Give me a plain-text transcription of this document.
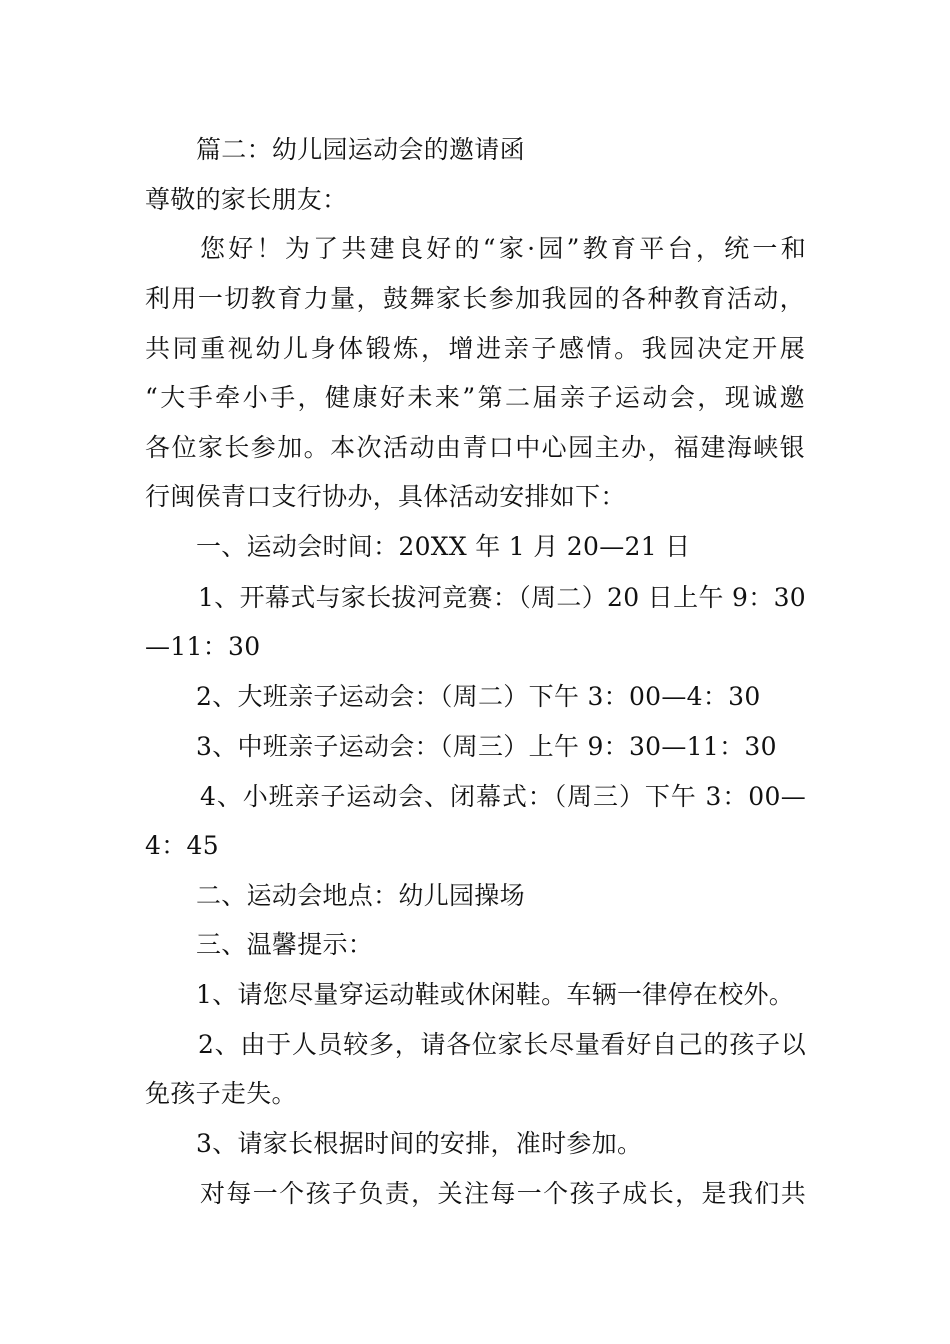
篇二：幼儿园运动会的邀请函
尊敬的家长朋友：
您好！为了共建良好的“家·园”教育平台，统一和
利用一切教育力量，鼓舞家长参加我园的各种教育活动，
共同重视幼儿身体锻炼，增进亲子感情。我园决定开展
“大手牵小手，健康好未来”第二届亲子运动会，现诚邀
各位家长参加。本次活动由青口中心园主办，福建海峡银
行闽侯青口支行协办，具体活动安排如下：
一、运动会时间：20XX 年 1 月 20—21 日
1、开幕式与家长拔河竞赛：（周二）20 日上午 9：30
—11：30
2、大班亲子运动会：（周二）下午 3：00—4：30
3、中班亲子运动会：（周三）上午 9：30—11：30
4、小班亲子运动会、闭幕式：（周三）下午 3：00—
4：45
二、运动会地点：幼儿园操场
三、温馨提示：
1、请您尽量穿运动鞋或休闲鞋。车辆一律停在校外。
2、由于人员较多，请各位家长尽量看好自己的孩子以
免孩子走失。
3、请家长根据时间的安排，准时参加。
对每一个孩子负责，关注每一个孩子成长，是我们共
